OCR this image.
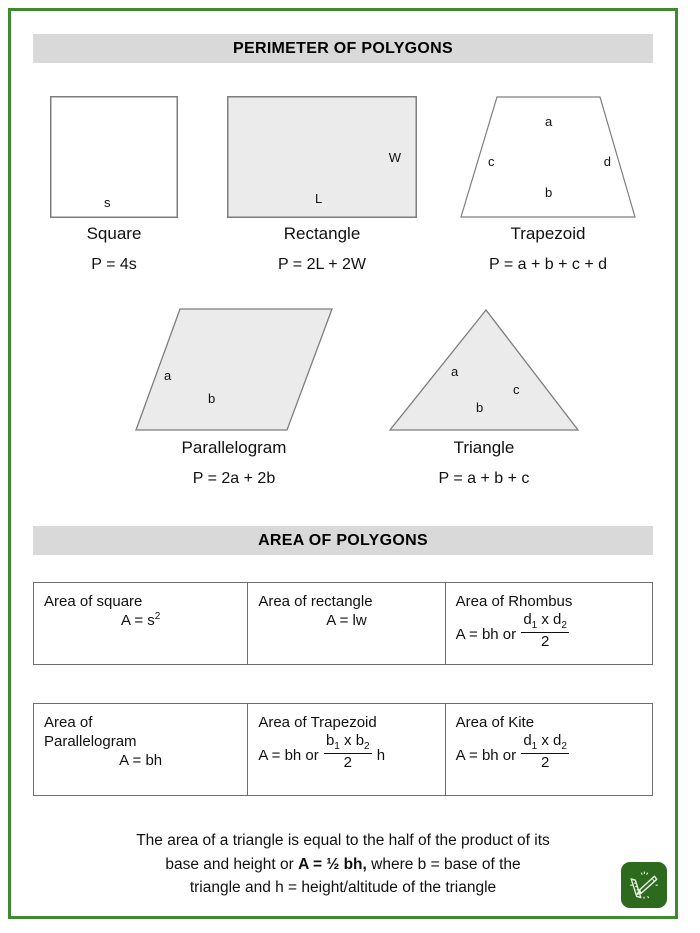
PERIMETER OF POLYGONS
s
Square
P = 4s
W
L
Rectangle
P = 2L + 2W
a
c	d
b
Trapezoid
P = a + b + c + d
a
b
Parallelogram
P = 2a + 2b
a
c
b
Triangle
P = a + b + c
AREA OF POLYGONS
Area of square
$A = s^2$
Area of rectangle
A = lw
Area of Rhombus
A = bh or $\frac{d_1 x d_2}{2}$
Area of
Parallelogram
A = bh
Area of Trapezoid
A = bh or $\frac{b_1 x b_2}{2}$ h
Area of Kite
A = bh or $\frac{d_1 x d_2}{2}$
The area of a triangle is equal to the half of the product of its
base and height or A = ½ bh, where b = base of the
triangle and h = height/altitude of the triangle
